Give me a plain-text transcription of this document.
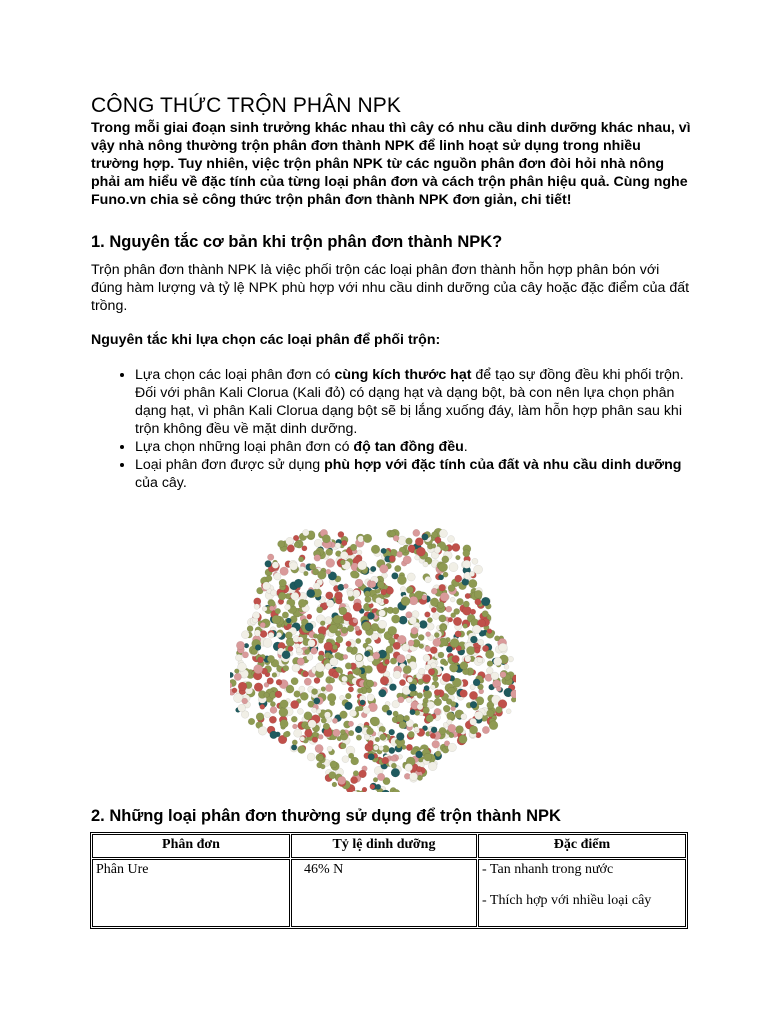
CÔNG THỨC TRỘN PHÂN NPK

Trong mỗi giai đoạn sinh trưởng khác nhau thì cây có nhu cầu dinh dưỡng khác nhau, vì vậy nhà nông thường trộn phân đơn thành NPK để linh hoạt sử dụng trong nhiều trường hợp. Tuy nhiên, việc trộn phân NPK từ các nguồn phân đơn đòi hỏi nhà nông phải am hiểu về đặc tính của từng loại phân đơn và cách trộn phân hiệu quả. Cùng nghe Funo.vn chia sẻ công thức trộn phân đơn thành NPK đơn giản, chi tiết!

1. Nguyên tắc cơ bản khi trộn phân đơn thành NPK?

Trộn phân đơn thành NPK là việc phối trộn các loại phân đơn thành hỗn hợp phân bón với đúng hàm lượng và tỷ lệ NPK phù hợp với nhu cầu dinh dưỡng của cây hoặc đặc điểm của đất trồng.

Nguyên tắc khi lựa chọn các loại phân để phối trộn:

• Lựa chọn các loại phân đơn có cùng kích thước hạt để tạo sự đồng đều khi phối trộn. Đối với phân Kali Clorua (Kali đỏ) có dạng hạt và dạng bột, bà con nên lựa chọn phân dạng hạt, vì phân Kali Clorua dạng bột sẽ bị lắng xuống đáy, làm hỗn hợp phân sau khi trộn không đều về mặt dinh dưỡng.
• Lựa chọn những loại phân đơn có độ tan đồng đều.
• Loại phân đơn được sử dụng phù hợp với đặc tính của đất và nhu cầu dinh dưỡng của cây.
2. Những loại phân đơn thường sử dụng để trộn thành NPK
Phân đơn	Tỷ lệ dinh dưỡng	Đặc điểm
Phân Ure	46% N	- Tan nhanh trong nước
- Thích hợp với nhiều loại cây
